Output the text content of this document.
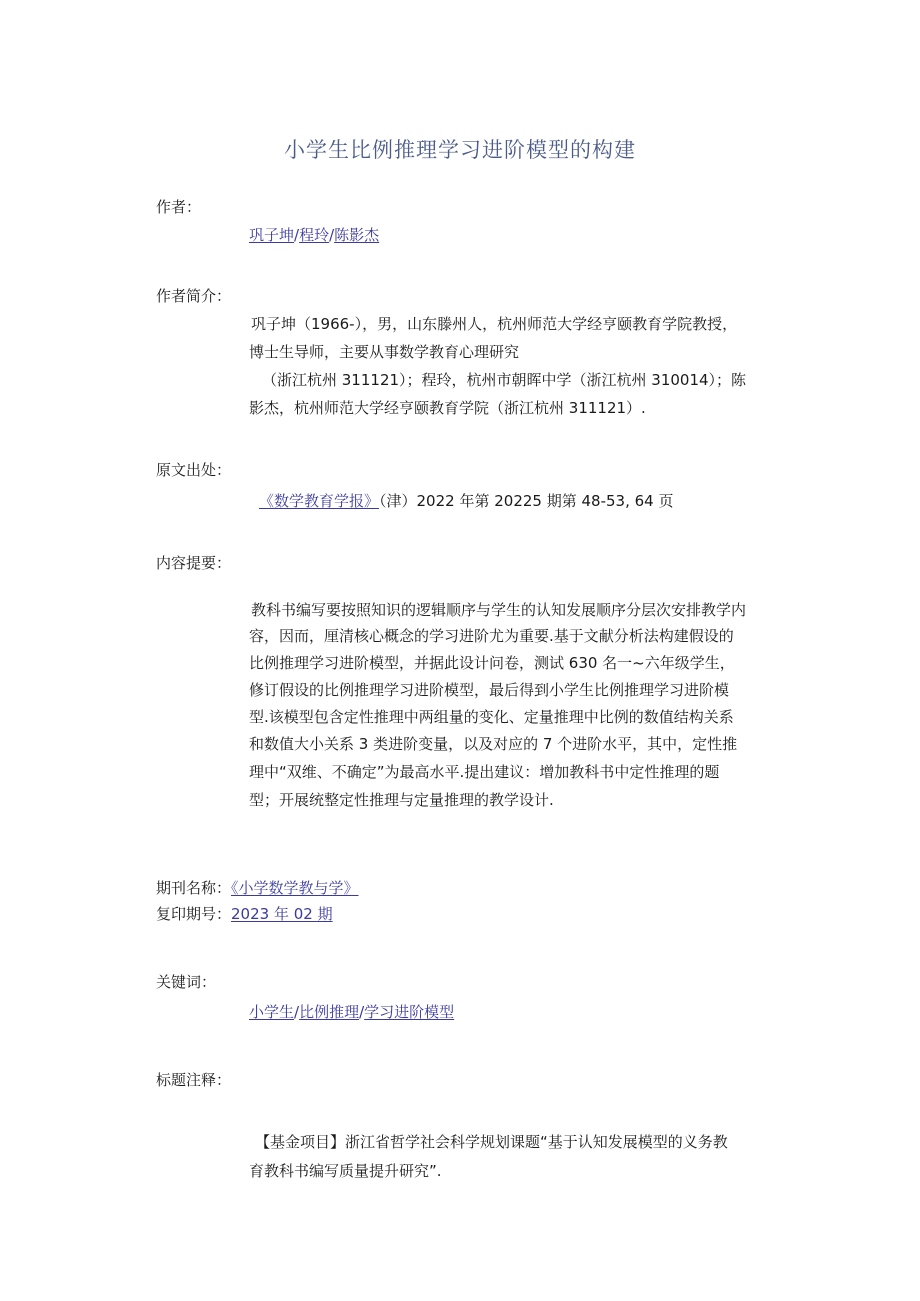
小学生比例推理学习进阶模型的构建
作者：
巩子坤/程玲/陈影杰
作者简介：
巩子坤（1966-），男，山东滕州人，杭州师范大学经亨颐教育学院教授，
博士生导师，主要从事数学教育心理研究
（浙江杭州 311121）；程玲，杭州市朝晖中学（浙江杭州 310014）；陈
影杰，杭州师范大学经亨颐教育学院（浙江杭州 311121）.
原文出处：
《数学教育学报》（津）2022 年第 20225 期第 48-53, 64 页
内容提要：
教科书编写要按照知识的逻辑顺序与学生的认知发展顺序分层次安排教学内
容，因而，厘清核心概念的学习进阶尤为重要.基于文献分析法构建假设的
比例推理学习进阶模型，并据此设计问卷，测试 630 名一~六年级学生，
修订假设的比例推理学习进阶模型，最后得到小学生比例推理学习进阶模
型.该模型包含定性推理中两组量的变化、定量推理中比例的数值结构关系
和数值大小关系 3 类进阶变量，以及对应的 7 个进阶水平，其中，定性推
理中“双维、不确定”为最高水平.提出建议：增加教科书中定性推理的题
型；开展统整定性推理与定量推理的教学设计.
期刊名称：《小学数学教与学》
复印期号：2023 年 02 期
关键词：
小学生/比例推理/学习进阶模型
标题注释：
【基金项目】浙江省哲学社会科学规划课题“基于认知发展模型的义务教
育教科书编写质量提升研究”.
